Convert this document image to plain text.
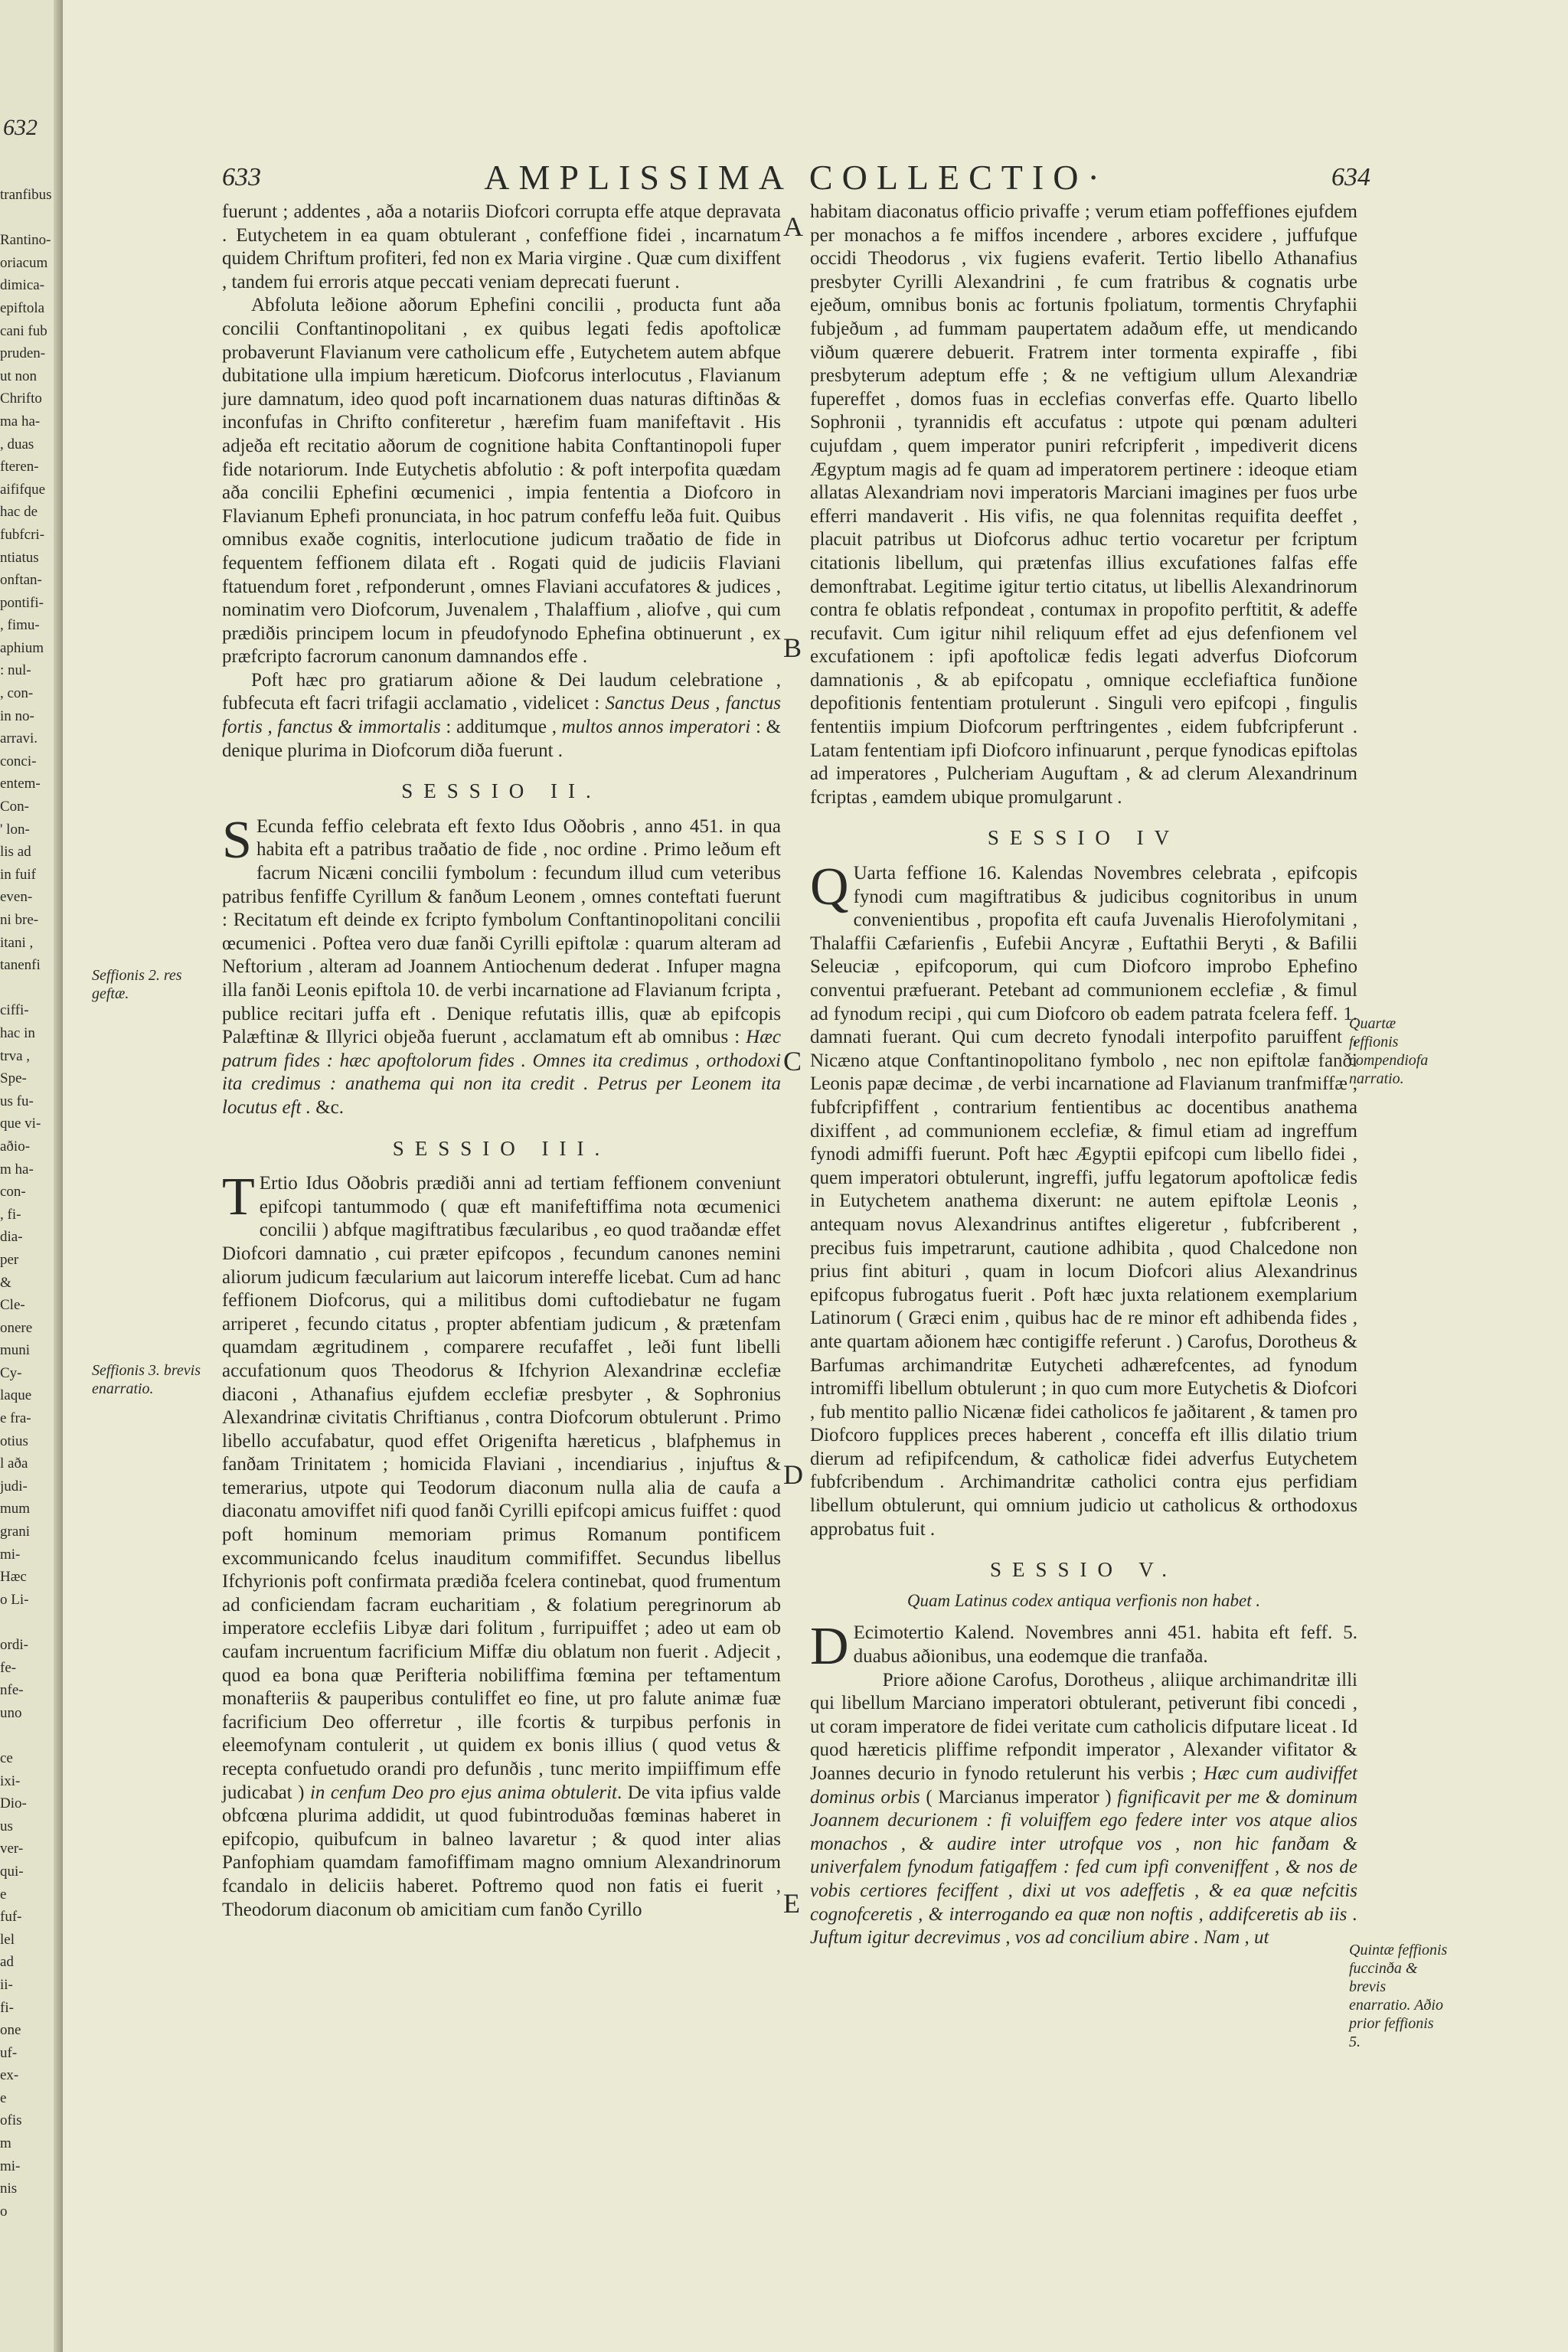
632
tranfibus
Rantino-
oriacum
dimica-
epiftola
cani fub
pruden-
ut non
Chrifto
ma ha-
, duas
fteren-
aififque
hac de
fubfcri-
ntiatus
onftan-
pontifi-
, fimu-
aphium
: nul-
, con-
in no-
arravi.
conci-
entem-
Con-
' lon-
lis ad
in fuif
even-
ni bre-
itani ,
tanenfi
ciffi-
hac in
trva ,
Spe-
us fu-
que vi-
aðio-
m ha-
con-
, fi-
dia-
per
&
Cle-
onere
muni
Cy-
laque
e fra-
otius
l aða
judi-
mum
grani
mi-
Hæc
o Li-
ordi-
fe-
nfe-
uno
ce
ixi-
Dio-
us
ver-
qui-
e
fuf-
lel
ad
ii-
fi-
one
uf-
ex-
e
ofis
m
mi-
nis
o
633	AMPLISSIMA COLLECTIO·	634

fuerunt ; addentes , aða a notariis Diofcori corrupta effe atque depravata . Eutychetem in ea quam obtulerant , confeffione fidei , incarnatum quidem Chriftum profiteri, fed non ex Maria virgine . Quæ cum dixiffent , tandem fui erroris atque peccati veniam deprecati fuerunt .

Abfoluta leðione aðorum Ephefini concilii , producta funt aða concilii Conftantinopolitani , ex quibus legati fedis apoftolicæ probaverunt Flavianum vere catholicum effe , Eutychetem autem abfque dubitatione ulla impium hæreticum. Diofcorus interlocutus , Flavianum jure damnatum, ideo quod poft incarnationem duas naturas diftinðas & inconfufas in Chrifto confiteretur , hærefim fuam manifeftavit . His adjeða eft recitatio aðorum de cognitione habita Conftantinopoli fuper fide notariorum. Inde Eutychetis abfolutio : & poft interpofita quædam aða concilii Ephefini œcumenici , impia fententia a Diofcoro in Flavianum Ephefi pronunciata, in hoc patrum confeffu leða fuit. Quibus omnibus exaðe cognitis, interlocutione judicum traðatio de fide in fequentem feffionem dilata eft . Rogati quid de judiciis Flaviani ftatuendum foret , refponderunt , omnes Flaviani accufatores & judices , nominatim vero Diofcorum, Juvenalem , Thalaffium , aliofve , qui cum prædiðis principem locum in pfeudofynodo Ephefina obtinuerunt , ex præfcripto facrorum canonum damnandos effe .

Poft hæc pro gratiarum aðione & Dei laudum celebratione , fubfecuta eft facri trifagii acclamatio , videlicet : Sanctus Deus , fanctus fortis , fanctus & immortalis : additumque , multos annos imperatori : & denique plurima in Diofcorum diða fuerunt .

SESSIO II.

SEcunda feffio celebrata eft fexto Idus Oðobris , anno 451. in qua habita eft a patribus traðatio de fide , noc ordine . Primo leðum eft facrum Nicæni concilii fymbolum : fecundum illud cum veteribus patribus fenfiffe Cyrillum & fanðum Leonem , omnes conteftati fuerunt : Recitatum eft deinde ex fcripto fymbolum Conftantinopolitani concilii œcumenici . Poftea vero duæ fanði Cyrilli epiftolæ : quarum alteram ad Neftorium , alteram ad Joannem Antiochenum dederat . Infuper magna illa fanði Leonis epiftola 10. de verbi incarnatione ad Flavianum fcripta , publice recitari juffa eft . Denique refutatis illis, quæ ab epifcopis Palæftinæ & Illyrici objeða fuerunt , acclamatum eft ab omnibus : Hæc patrum fides : hæc apoftolorum fides . Omnes ita credimus , orthodoxi ita credimus : anathema qui non ita credit . Petrus per Leonem ita locutus eft . &c.

SESSIO III.

TErtio Idus Oðobris prædiði anni ad tertiam feffionem conveniunt epifcopi tantummodo ( quæ eft manifeftiffima nota œcumenici concilii ) abfque magiftratibus fæcularibus , eo quod traðandæ effet Diofcori damnatio , cui præter epifcopos , fecundum canones nemini aliorum judicum fæcularium aut laicorum intereffe licebat. Cum ad hanc feffionem Diofcorus, qui a militibus domi cuftodiebatur ne fugam arriperet , fecundo citatus , propter abfentiam judicum , & prætenfam quamdam ægritudinem , comparere recufaffet , leði funt libelli accufationum quos Theodorus & Ifchyrion Alexandrinæ ecclefiæ diaconi , Athanafius ejufdem ecclefiæ presbyter , & Sophronius Alexandrinæ civitatis Chriftianus , contra Diofcorum obtulerunt . Primo libello accufabatur, quod effet Origenifta hæreticus , blafphemus in fanðam Trinitatem ; homicida Flaviani , incendiarius , injuftus & temerarius, utpote qui Teodorum diaconum nulla alia de caufa a diaconatu amoviffet nifi quod fanði Cyrilli epifcopi amicus fuiffet : quod poft hominum memoriam primus Romanum pontificem excommunicando fcelus inauditum commififfet. Secundus libellus Ifchyrionis poft confirmata prædiða fcelera continebat, quod frumentum ad conficiendam facram eucharitiam , & folatium peregrinorum ab imperatore ecclefiis Libyæ dari folitum , furripuiffet ; adeo ut eam ob caufam incruentum facrificium Miffæ diu oblatum non fuerit . Adjecit , quod ea bona quæ Perifteria nobiliffima fœmina per teftamentum monafteriis & pauperibus contuliffet eo fine, ut pro falute animæ fuæ facrificium Deo offerretur , ille fcortis & turpibus perfonis in eleemofynam contulerit , ut quidem ex bonis illius ( quod vetus & recepta confuetudo orandi pro defunðis , tunc merito impiiffimum effe judicabat ) in cenfum Deo pro ejus anima obtulerit. De vita ipfius valde obfcœna plurima addidit, ut quod fubintroduðas fœminas haberet in epifcopio, quibufcum in balneo lavaretur ; & quod inter alias Panfophiam quamdam famofiffimam magno omnium Alexandrinorum fcandalo in deliciis haberet. Poftremo quod non fatis ei fuerit , Theodorum diaconum ob amicitiam cum fanðo Cyrillo

habitam diaconatus officio privaffe ; verum etiam poffeffiones ejufdem per monachos a fe miffos incendere , arbores excidere , juffufque occidi Theodorus , vix fugiens evaferit. Tertio libello Athanafius presbyter Cyrilli Alexandrini , fe cum fratribus & cognatis urbe ejeðum, omnibus bonis ac fortunis fpoliatum, tormentis Chryfaphii fubjeðum , ad fummam paupertatem adaðum effe, ut mendicando viðum quærere debuerit. Fratrem inter tormenta expiraffe , fibi presbyterum adeptum effe ; & ne veftigium ullum Alexandriæ fupereffet , domos fuas in ecclefias converfas effe. Quarto libello Sophronii , tyrannidis eft accufatus : utpote qui pœnam adulteri cujufdam , quem imperator puniri refcripferit , impediverit dicens Ægyptum magis ad fe quam ad imperatorem pertinere : ideoque etiam allatas Alexandriam novi imperatoris Marciani imagines per fuos urbe efferri mandaverit . His vifis, ne qua folennitas requifita deeffet , placuit patribus ut Diofcorus adhuc tertio vocaretur per fcriptum citationis libellum, qui prætenfas illius excufationes falfas effe demonftrabat. Legitime igitur tertio citatus, ut libellis Alexandrinorum contra fe oblatis refpondeat , contumax in propofito perftitit, & adeffe recufavit. Cum igitur nihil reliquum effet ad ejus defenfionem vel excufationem : ipfi apoftolicæ fedis legati adverfus Diofcorum damnationis , & ab epifcopatu , omnique ecclefiaftica funðione depofitionis fententiam protulerunt . Singuli vero epifcopi , fingulis fententiis impium Diofcorum perftringentes , eidem fubfcripferunt . Latam fententiam ipfi Diofcoro infinuarunt , perque fynodicas epiftolas ad imperatores , Pulcheriam Auguftam , & ad clerum Alexandrinum fcriptas , eamdem ubique promulgarunt .

SESSIO IV

QUarta feffione 16. Kalendas Novembres celebrata , epifcopis fynodi cum magiftratibus & judicibus cognitoribus in unum convenientibus , propofita eft caufa Juvenalis Hierofolymitani , Thalaffii Cæfarienfis , Eufebii Ancyræ , Euftathii Beryti , & Bafilii Seleuciæ , epifcoporum, qui cum Diofcoro improbo Ephefino conventui præfuerant. Petebant ad communionem ecclefiæ , & fimul ad fynodum recipi , qui cum Diofcoro ob eadem patrata fcelera feff. 1. damnati fuerant. Qui cum decreto fynodali interpofito paruiffent , Nicæno atque Conftantinopolitano fymbolo , nec non epiftolæ fanði Leonis papæ decimæ , de verbi incarnatione ad Flavianum tranfmiffæ , fubfcripfiffent , contrarium fentientibus ac docentibus anathema dixiffent , ad communionem ecclefiæ, & fimul etiam ad ingreffum fynodi admiffi fuerunt. Poft hæc Ægyptii epifcopi cum libello fidei , quem imperatori obtulerunt, ingreffi, juffu legatorum apoftolicæ fedis in Eutychetem anathema dixerunt: ne autem epiftolæ Leonis , antequam novus Alexandrinus antiftes eligeretur , fubfcriberent , precibus fuis impetrarunt, cautione adhibita , quod Chalcedone non prius fint abituri , quam in locum Diofcori alius Alexandrinus epifcopus fubrogatus fuerit . Poft hæc juxta relationem exemplarium Latinorum ( Græci enim , quibus hac de re minor eft adhibenda fides , ante quartam aðionem hæc contigiffe referunt . ) Carofus, Dorotheus & Barfumas archimandritæ Eutycheti adhærefcentes, ad fynodum intromiffi libellum obtulerunt ; in quo cum more Eutychetis & Diofcori , fub mentito pallio Nicænæ fidei catholicos fe jaðitarent , & tamen pro Diofcoro fupplices preces haberent , conceffa eft illis dilatio trium dierum ad refipifcendum, & catholicæ fidei adverfus Eutychetem fubfcribendum . Archimandritæ catholici contra ejus perfidiam libellum obtulerunt, qui omnium judicio ut catholicus & orthodoxus approbatus fuit .

SESSIO V.
Quam Latinus codex antiqua verfionis non habet .

DEcimotertio Kalend. Novembres anni 451. habita eft feff. 5. duabus aðionibus, una eodemque die tranfaða.

Priore aðione Carofus, Dorotheus , aliique archimandritæ illi qui libellum Marciano imperatori obtulerant, petiverunt fibi concedi , ut coram imperatore de fidei veritate cum catholicis difputare liceat . Id quod hæreticis pliffime refpondit imperator , Alexander vifitator & Joannes decurio in fynodo retulerunt his verbis ; Hæc cum audiviffet dominus orbis ( Marcianus imperator ) fignificavit per me & dominum Joannem decurionem : fi voluiffem ego federe inter vos atque alios monachos , & audire inter utrofque vos , non hic fanðam & univerfalem fynodum fatigaffem : fed cum ipfi conveniffent , & nos de vobis certiores feciffent , dixi ut vos adeffetis , & ea quæ nefcitis cognofceretis , & interrogando ea quæ non noftis , addifceretis ab iis . Juftum igitur decrevimus , vos ad concilium abire . Nam , ut

Seffionis 2. res geftæ.
Seffionis 3. brevis enarratio.
Quartæ feffionis compendiofa narratio.
Quintæ feffionis fuccinða & brevis enarratio. Aðio prior feffionis 5.
A
B
C
D
E
